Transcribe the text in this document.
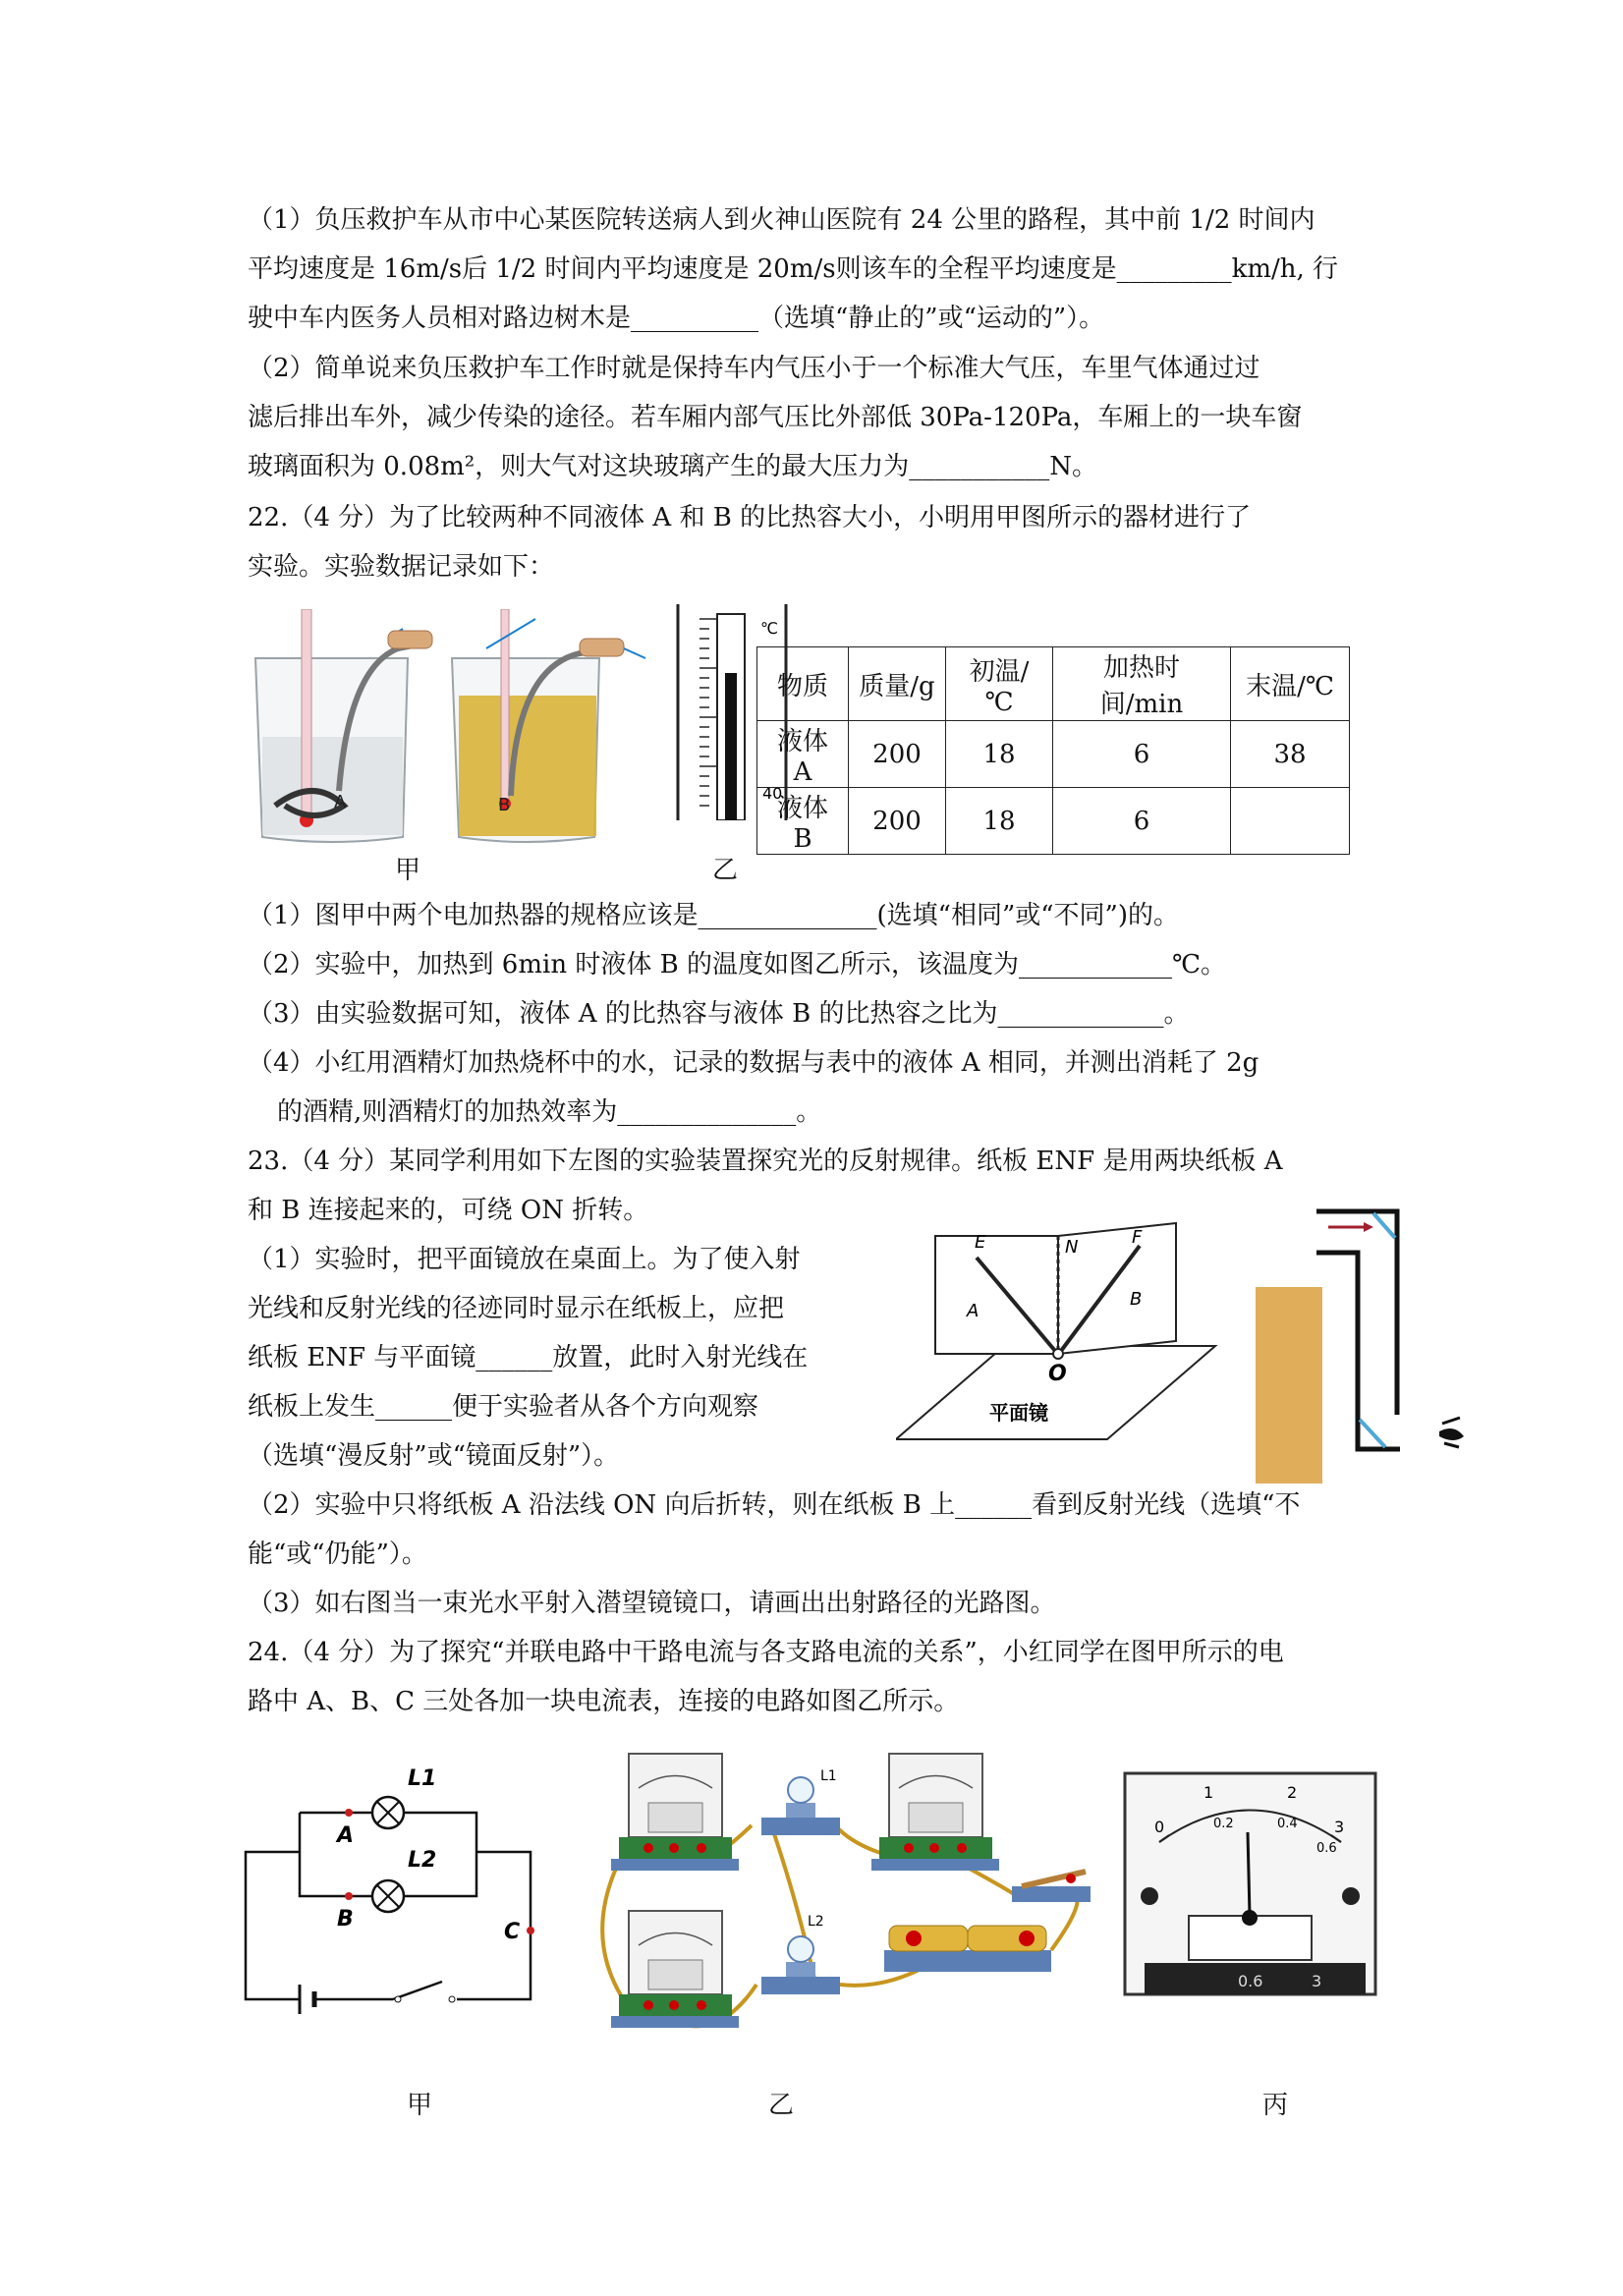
（1）负压救护车从市中心某医院转送病人到火神山医院有 24 公里的路程，其中前 1/2 时间内
平均速度是 16m/s后 1/2 时间内平均速度是 20m/s则该车的全程平均速度是_________km/h, 行
驶中车内医务人员相对路边树木是__________（选填“静止的”或“运动的”）。
（2）简单说来负压救护车工作时就是保持车内气压小于一个标准大气压，车里气体通过过
滤后排出车外，减少传染的途径。若车厢内部气压比外部低 30Pa-120Pa，车厢上的一块车窗
玻璃面积为 0.08m²，则大气对这块玻璃产生的最大压力为___________N。
22.（4 分）为了比较两种不同液体 A 和 B 的比热容大小，小明用甲图所示的器材进行了
实验。实验数据记录如下：
A	B
℃
40
物质	质量/g	初温/℃	加热时间/min	末温/℃
液体 A	200	18	6	38
液体 B	200	18	6	
甲	乙
（1）图甲中两个电加热器的规格应该是______________(选填“相同”或“不同”)的。
（2）实验中，加热到 6min 时液体 B 的温度如图乙所示，该温度为____________℃。
（3）由实验数据可知，液体 A 的比热容与液体 B 的比热容之比为_____________。
（4）小红用酒精灯加热烧杯中的水，记录的数据与表中的液体 A 相同，并测出消耗了 2g
的酒精,则酒精灯的加热效率为______________。
23.（4 分）某同学利用如下左图的实验装置探究光的反射规律。纸板 ENF 是用两块纸板 A
和 B 连接起来的，可绕 ON 折转。
（1）实验时，把平面镜放在桌面上。为了使入射
光线和反射光线的径迹同时显示在纸板上，应把
纸板 ENF 与平面镜______放置，此时入射光线在
纸板上发生______便于实验者从各个方向观察
（选填“漫反射”或“镜面反射”）。
（2）实验中只将纸板 A 沿法线 ON 向后折转，则在纸板 B 上______看到反射光线（选填“不
能“或“仍能”）。
（3）如右图当一束光水平射入潜望镜镜口，请画出出射路径的光路图。
E	N	F
A
B
O
平面镜
24.（4 分）为了探究“并联电路中干路电流与各支路电流的关系”，小红同学在图甲所示的电
路中 A、B、C 三处各加一块电流表，连接的电路如图乙所示。
L1
L2
A
B
C
L1
L2
0
1	2
3
0.2	0.4
0.6
0.6	3
甲	乙	丙
